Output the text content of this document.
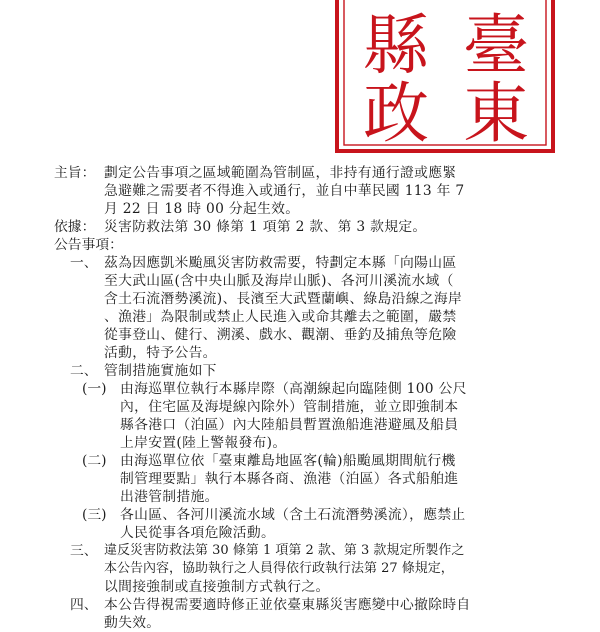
臺
東
縣
政
主旨： 劃定公告事項之區域範圍為管制區，非持有通行證或應緊
急避難之需要者不得進入或通行，並自中華民國 113 年 7
月 22 日 18 時 00 分起生效。
依據： 災害防救法第 30 條第 1 項第 2 款、第 3 款規定。
公告事項：
一、 茲為因應凱米颱風災害防救需要，特劃定本縣「向陽山區
至大武山區(含中央山脈及海岸山脈)、各河川溪流水域（
含土石流潛勢溪流)、長濱至大武暨蘭嶼、綠島沿線之海岸
、漁港」為限制或禁止人民進入或命其離去之範圍，嚴禁
從事登山、健行、溯溪、戲水、觀潮、垂釣及捕魚等危險
活動，特予公告。
二、 管制措施實施如下
(一) 由海巡單位執行本縣岸際（高潮線起向臨陸側 100 公尺
內，住宅區及海堤線內除外）管制措施，並立即強制本
縣各港口（泊區）內大陸船員暫置漁船進港避風及船員
上岸安置(陸上警報發布)。
(二) 由海巡單位依「臺東離島地區客(輪)船颱風期間航行機
制管理要點」執行本縣各商、漁港（泊區）各式船舶進
出港管制措施。
(三) 各山區、各河川溪流水域（含土石流潛勢溪流），應禁止
人民從事各項危險活動。
三、 違反災害防救法第 30 條第 1 項第 2 款、第 3 款規定所製作之
本公告內容，協助執行之人員得依行政執行法第 27 條規定，
以間接強制或直接強制方式執行之。
四、 本公告得視需要適時修正並依臺東縣災害應變中心撤除時自
動失效。
